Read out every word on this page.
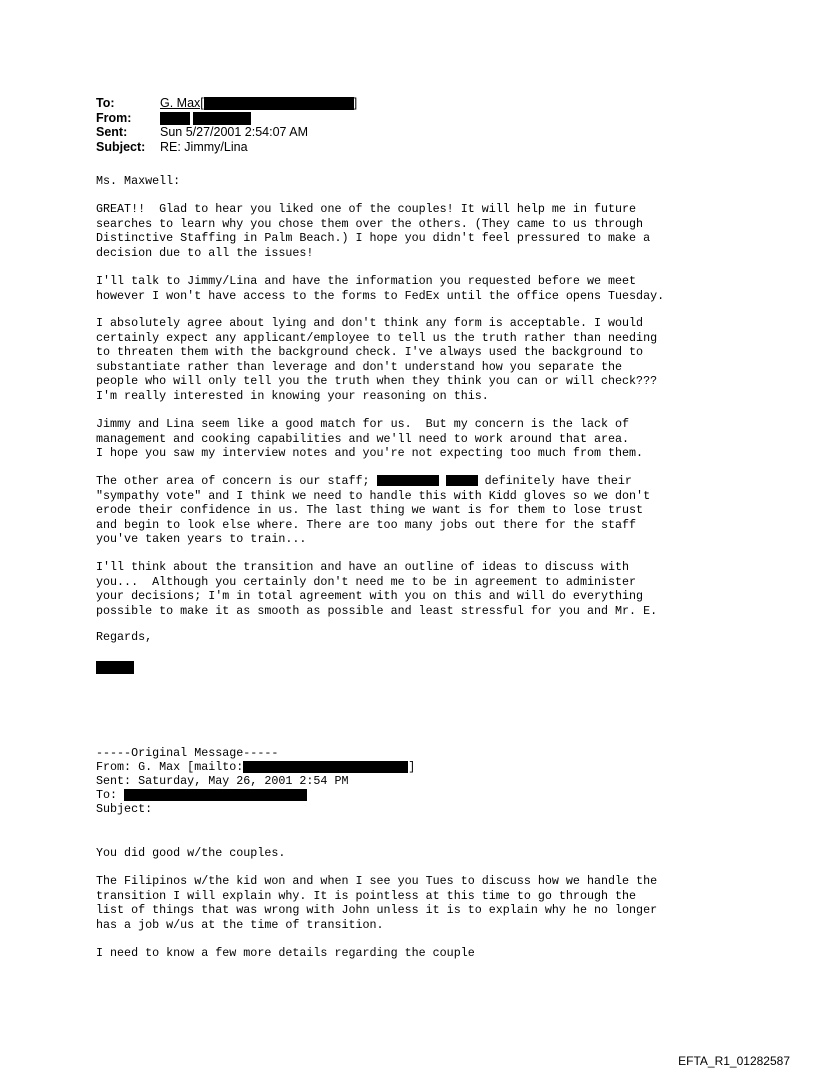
To:	G. Max[	]
From:
Sent:	Sun 5/27/2001 2:54:07 AM
Subject:	RE: Jimmy/Lina
Ms. Maxwell:
GREAT!!  Glad to hear you liked one of the couples! It will help me in future
searches to learn why you chose them over the others. (They came to us through
Distinctive Staffing in Palm Beach.) I hope you didn't feel pressured to make a
decision due to all the issues!
I'll talk to Jimmy/Lina and have the information you requested before we meet
however I won't have access to the forms to FedEx until the office opens Tuesday.
I absolutely agree about lying and don't think any form is acceptable. I would
certainly expect any applicant/employee to tell us the truth rather than needing
to threaten them with the background check. I've always used the background to
substantiate rather than leverage and don't understand how you separate the
people who will only tell you the truth when they think you can or will check???
I'm really interested in knowing your reasoning on this.
Jimmy and Lina seem like a good match for us.  But my concern is the lack of
management and cooking capabilities and we'll need to work around that area.
I hope you saw my interview notes and you're not expecting too much from them.
The other area of concern is our staff;	definitely have their
"sympathy vote" and I think we need to handle this with Kidd gloves so we don't
erode their confidence in us. The last thing we want is for them to lose trust
and begin to look else where. There are too many jobs out there for the staff
you've taken years to train...
I'll think about the transition and have an outline of ideas to discuss with
you...  Although you certainly don't need me to be in agreement to administer
your decisions; I'm in total agreement with you on this and will do everything
possible to make it as smooth as possible and least stressful for you and Mr. E.
Regards,
-----Original Message-----
From: G. Max [mailto:	]
Sent: Saturday, May 26, 2001 2:54 PM
To:
Subject:
You did good w/the couples.
The Filipinos w/the kid won and when I see you Tues to discuss how we handle the
transition I will explain why. It is pointless at this time to go through the
list of things that was wrong with John unless it is to explain why he no longer
has a job w/us at the time of transition.
I need to know a few more details regarding the couple
EFTA_R1_01282587
